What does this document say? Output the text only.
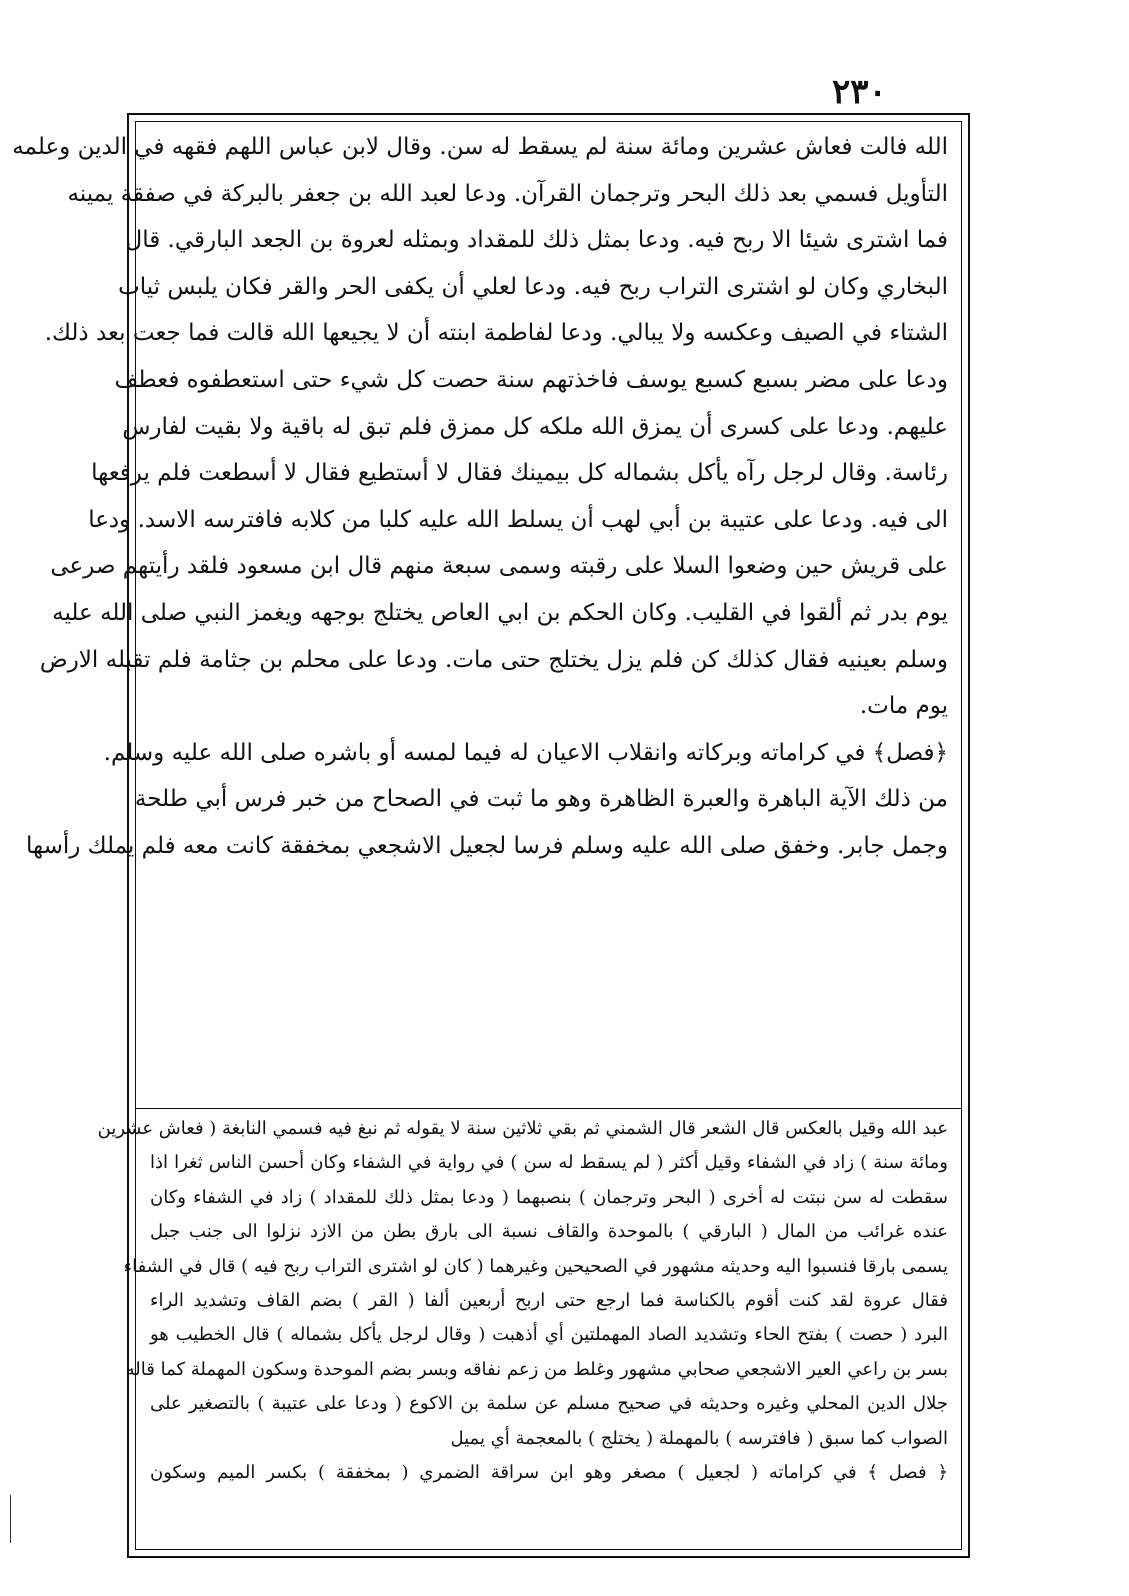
٢٣٠
الله فالت فعاش عشرين ومائة سنة لم يسقط له سن. وقال لابن عباس اللهم فقهه في الدين وعلمه
التأويل فسمي بعد ذلك البحر وترجمان القرآن. ودعا لعبد الله بن جعفر بالبركة في صفقة يمينه
فما اشترى شيئا الا ربح فيه. ودعا بمثل ذلك للمقداد وبمثله لعروة بن الجعد البارقي. قال
البخاري وكان لو اشترى التراب ربح فيه. ودعا لعلي أن يكفى الحر والقر فكان يلبس ثياب
الشتاء في الصيف وعكسه ولا يبالي. ودعا لفاطمة ابنته أن لا يجيعها الله قالت فما جعت بعد ذلك.
ودعا على مضر بسبع كسبع يوسف فاخذتهم سنة حصت كل شيء حتى استعطفوه فعطف
عليهم. ودعا على كسرى أن يمزق الله ملكه كل ممزق فلم تبق له باقية ولا بقيت لفارس
رئاسة. وقال لرجل رآه يأكل بشماله كل بيمينك فقال لا أستطيع فقال لا أسطعت فلم يرفعها
الى فيه. ودعا على عتيبة بن أبي لهب أن يسلط الله عليه كلبا من كلابه فافترسه الاسد. ودعا
على قريش حين وضعوا السلا على رقبته وسمى سبعة منهم قال ابن مسعود فلقد رأيتهم صرعى
يوم بدر ثم ألقوا في القليب. وكان الحكم بن ابي العاص يختلج بوجهه ويغمز النبي صلى الله عليه
وسلم بعينيه فقال كذلك كن فلم يزل يختلج حتى مات. ودعا على محلم بن جثامة فلم تقبله الارض
يوم مات.
﴿فصل﴾ في كراماته وبركاته وانقلاب الاعيان له فيما لمسه أو باشره صلى الله عليه وسلم.
من ذلك الآية الباهرة والعبرة الظاهرة وهو ما ثبت في الصحاح من خبر فرس أبي طلحة
وجمل جابر. وخفق صلى الله عليه وسلم فرسا لجعيل الاشجعي بمخفقة كانت معه فلم يملك رأسها
عبد الله وقيل بالعكس قال الشعر قال الشمني ثم بقي ثلاثين سنة لا يقوله ثم نبغ فيه فسمي النابغة ( فعاش عشرين
ومائة سنة ) زاد في الشفاء وقيل أكثر ( لم يسقط له سن ) في رواية في الشفاء وكان أحسن الناس ثغرا اذا
سقطت له سن نبتت له أخرى ( البحر وترجمان ) بنصبهما ( ودعا بمثل ذلك للمقداد ) زاد في الشفاء وكان
عنده غرائب من المال ( البارقي ) بالموحدة والقاف نسبة الى بارق بطن من الازد نزلوا الى جنب جبل
يسمى بارقا فنسبوا اليه وحديثه مشهور في الصحيحين وغيرهما ( كان لو اشترى التراب ربح فيه ) قال في الشفاء
فقال عروة لقد كنت أقوم بالكناسة فما ارجع حتى اربح أربعين ألفا ( القر ) بضم القاف وتشديد الراء
البرد ( حصت ) بفتح الحاء وتشديد الصاد المهملتين أي أذهبت ( وقال لرجل يأكل بشماله ) قال الخطيب هو
بسر بن راعي العير الاشجعي صحابي مشهور وغلط من زعم نفاقه وبسر بضم الموحدة وسكون المهملة كما قاله
جلال الدين المحلي وغيره وحديثه في صحيح مسلم عن سلمة بن الاكوع ( ودعا على عتيبة ) بالتصغير على
الصواب كما سبق ( فافترسه ) بالمهملة ( يختلج ) بالمعجمة أي يميل
﴿ فصل ﴾ في كراماته ( لجعيل ) مصغر وهو ابن سراقة الضمري ( بمخفقة ) بكسر الميم وسكون
